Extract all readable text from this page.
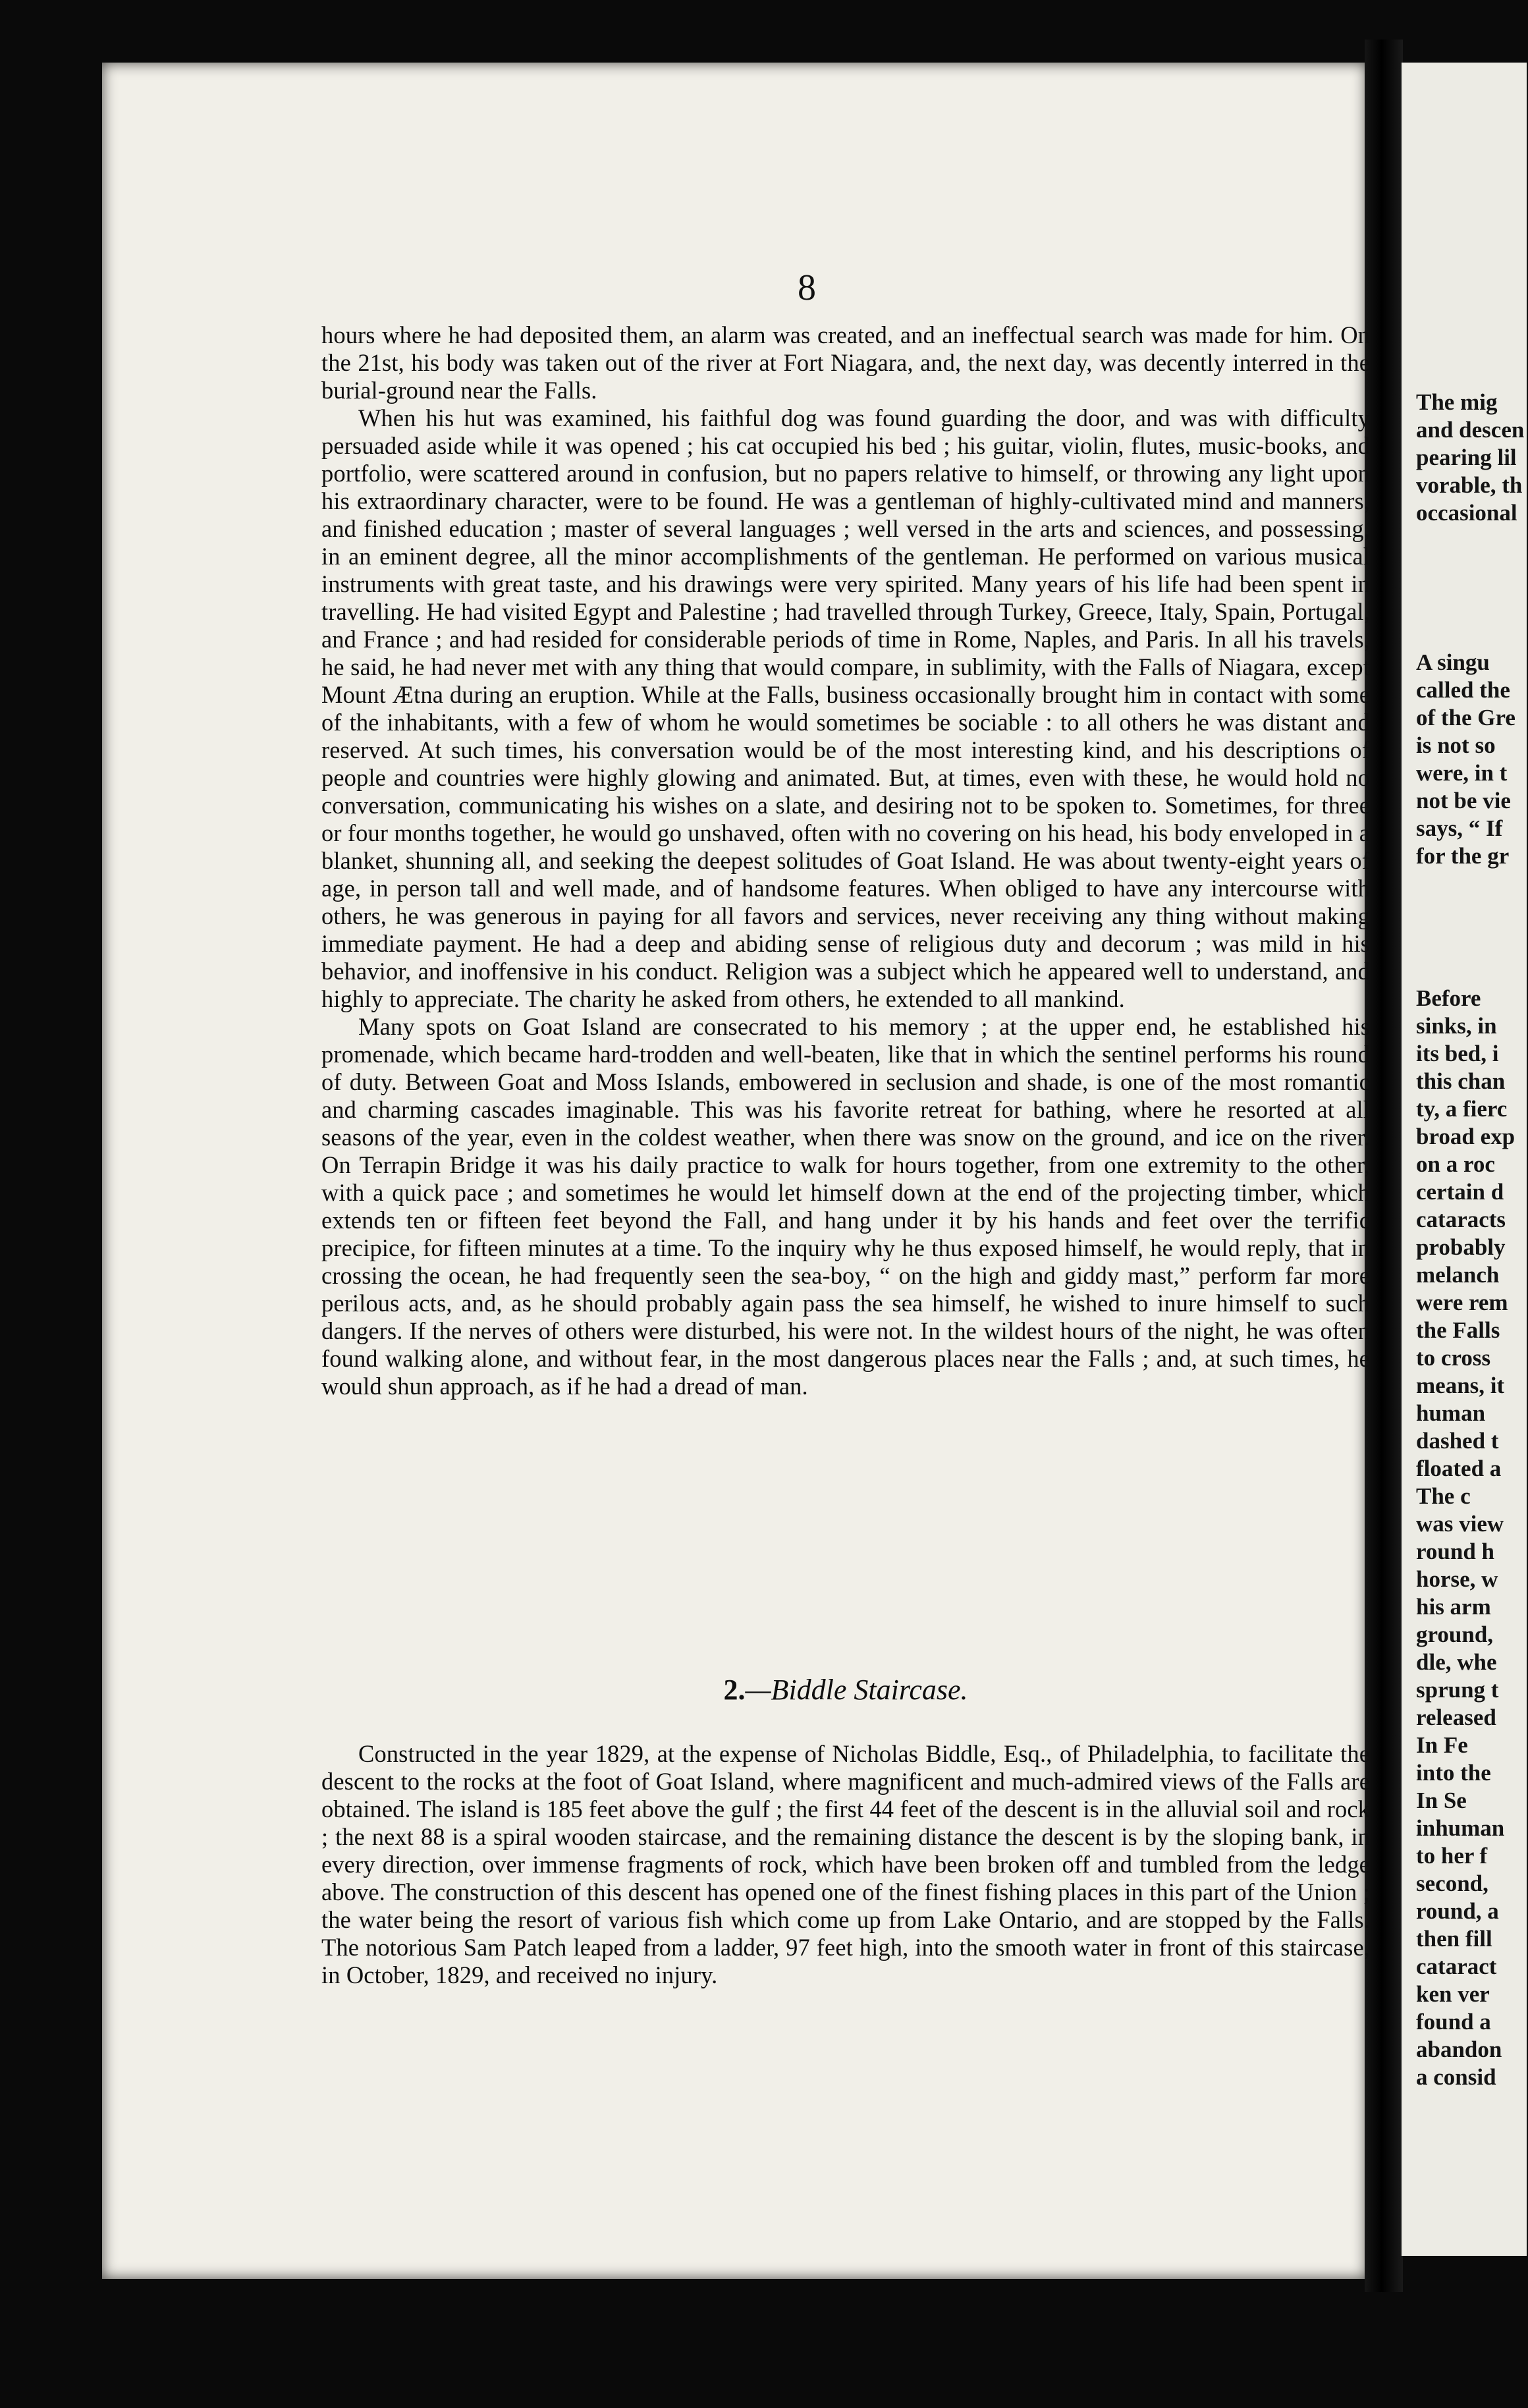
The mig
and descen
pearing lil
vorable, th
occasional
A singu
called the
of the Gre
is not so
were, in t
not be vie
says, “ If
for the gr
Before
sinks, in
its bed, i
this chan
ty, a fierc
broad exp
on a roc
certain d
cataracts
probably
melanch
were rem
the Falls
to cross
means, it
human
dashed t
floated a
The c
was view
round h
horse, w
his arm
ground,
dle, whe
sprung t
released
In Fe
into the
In Se
inhuman
to her f
second,
round, a
then fill
cataract
ken ver
found a
abandon
a consid
8

hours where he had deposited them, an alarm was created, and an ineffectual search was made for him. On the 21st, his body was taken out of the river at Fort Niagara, and, the next day, was decently interred in the burial-ground near the Falls.

When his hut was examined, his faithful dog was found guarding the door, and was with difficulty persuaded aside while it was opened ; his cat occupied his bed ; his guitar, violin, flutes, music-books, and portfolio, were scattered around in confusion, but no papers relative to himself, or throwing any light upon his extraordinary character, were to be found. He was a gentleman of highly-cultivated mind and manners, and finished education ; master of several languages ; well versed in the arts and sciences, and possessing, in an eminent degree, all the minor accomplishments of the gentleman. He performed on various musical instruments with great taste, and his drawings were very spirited. Many years of his life had been spent in travelling. He had visited Egypt and Palestine ; had travelled through Turkey, Greece, Italy, Spain, Portugal, and France ; and had resided for considerable periods of time in Rome, Naples, and Paris. In all his travels, he said, he had never met with any thing that would compare, in sublimity, with the Falls of Niagara, except Mount Ætna during an eruption. While at the Falls, business occasionally brought him in contact with some of the inhabitants, with a few of whom he would sometimes be sociable : to all others he was distant and reserved. At such times, his conversation would be of the most interesting kind, and his descriptions of people and countries were highly glowing and animated. But, at times, even with these, he would hold no conversation, communicating his wishes on a slate, and desiring not to be spoken to. Sometimes, for three or four months together, he would go unshaved, often with no covering on his head, his body enveloped in a blanket, shunning all, and seeking the deepest solitudes of Goat Island. He was about twenty-eight years of age, in person tall and well made, and of handsome features. When obliged to have any intercourse with others, he was generous in paying for all favors and services, never receiving any thing without making immediate payment. He had a deep and abiding sense of religious duty and decorum ; was mild in his behavior, and inoffensive in his conduct. Religion was a subject which he appeared well to understand, and highly to appreciate. The charity he asked from others, he extended to all mankind.

Many spots on Goat Island are consecrated to his memory ; at the upper end, he established his promenade, which became hard-trodden and well-beaten, like that in which the sentinel performs his round of duty. Between Goat and Moss Islands, embowered in seclusion and shade, is one of the most romantic and charming cascades imaginable. This was his favorite retreat for bathing, where he resorted at all seasons of the year, even in the coldest weather, when there was snow on the ground, and ice on the river. On Terrapin Bridge it was his daily practice to walk for hours together, from one extremity to the other, with a quick pace ; and sometimes he would let himself down at the end of the projecting timber, which extends ten or fifteen feet beyond the Fall, and hang under it by his hands and feet over the terrific precipice, for fifteen minutes at a time. To the inquiry why he thus exposed himself, he would reply, that in crossing the ocean, he had frequently seen the sea-boy, “ on the high and giddy mast,” perform far more perilous acts, and, as he should probably again pass the sea himself, he wished to inure himself to such dangers. If the nerves of others were disturbed, his were not. In the wildest hours of the night, he was often found walking alone, and without fear, in the most dangerous places near the Falls ; and, at such times, he would shun approach, as if he had a dread of man.

2.—Biddle Staircase.

Constructed in the year 1829, at the expense of Nicholas Biddle, Esq., of Philadelphia, to facilitate the descent to the rocks at the foot of Goat Island, where magnificent and much-admired views of the Falls are obtained. The island is 185 feet above the gulf ; the first 44 feet of the descent is in the alluvial soil and rock ; the next 88 is a spiral wooden staircase, and the remaining distance the descent is by the sloping bank, in every direction, over immense fragments of rock, which have been broken off and tumbled from the ledge above. The construction of this descent has opened one of the finest fishing places in this part of the Union ; the water being the resort of various fish which come up from Lake Ontario, and are stopped by the Falls. The notorious Sam Patch leaped from a ladder, 97 feet high, into the smooth water in front of this staircase, in October, 1829, and received no injury.
